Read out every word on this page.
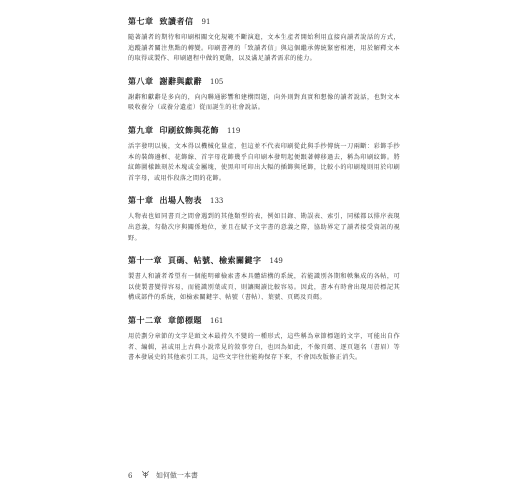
第七章 致讀者信 91
隨著讀者的期待和印刷相關文化規範不斷演進，文本生產者開始利用直接向讀者說話的方式，追蹤讀者關注焦點的轉變。印刷書裡的「致讀者信」與這個繼承傳統緊密相連，用於解釋文本的取得或製作、印刷過程中做的更動，以及滿足讀者需求的能力。
第八章 謝辭與獻辭 105
謝辭和獻辭是多向的，向內聯通影響和建構問題，向外則對真實和想像的讀者說話，也對文本吸收養分（或養分遺產）從而誕生的社會說話。
第九章 印刷紋飾與花飾 119
活字發明以後，文本得以機械化量產，但這並不代表印刷從此與手抄傳統一刀兩斷：彩飾手抄本的裝飾邊框、花飾線、首字母花飾幾乎自印刷本發明起便跟著轉移過去，稱為印刷紋飾。將紋飾圖樣蝕刻於木塊或金屬塊，使黑印可印出大幅的插飾與尾飾，比較小的印刷塊則用於印刷首字母，或用作段落之間的花飾。
第十章 出場人物表 133
人物表也如同書頁之間會遇到的其他類型的表，例如目錄、勘誤表、索引，同樣都以排序表現出意義，勾勒次序與關係地位，並且在賦予文字書的意義之際，協助界定了讀者接受資訊的視野。
第十一章 頁碼、帖號、檢索關鍵字 149
製書人和讀者希望有一個能明確檢索書本具體結構的系統，若能識別各期和帙集成的各帖，可以使製書變得容易，而能識別葉或頁，則讓閱讀比較容易。因此，書本有時會出現用於標記其構成部件的系統，如檢索關鍵字、帖號（書帖）、葉號、頁碼及頁碼。
第十二章 章節標題 161
用於劃分章節的文字是頭文本最持久不變的一種形式，這些稱為章節標題的文字，可能出自作者、編輯，甚或用上古典小說常見的敘事旁白，也因為如此，不像頁碼、逐頁題名（書眉）等書本發展史的其他索引工具，這些文字往往能夠保存下來，不會因改版修正消失。
6	如何做一本書
